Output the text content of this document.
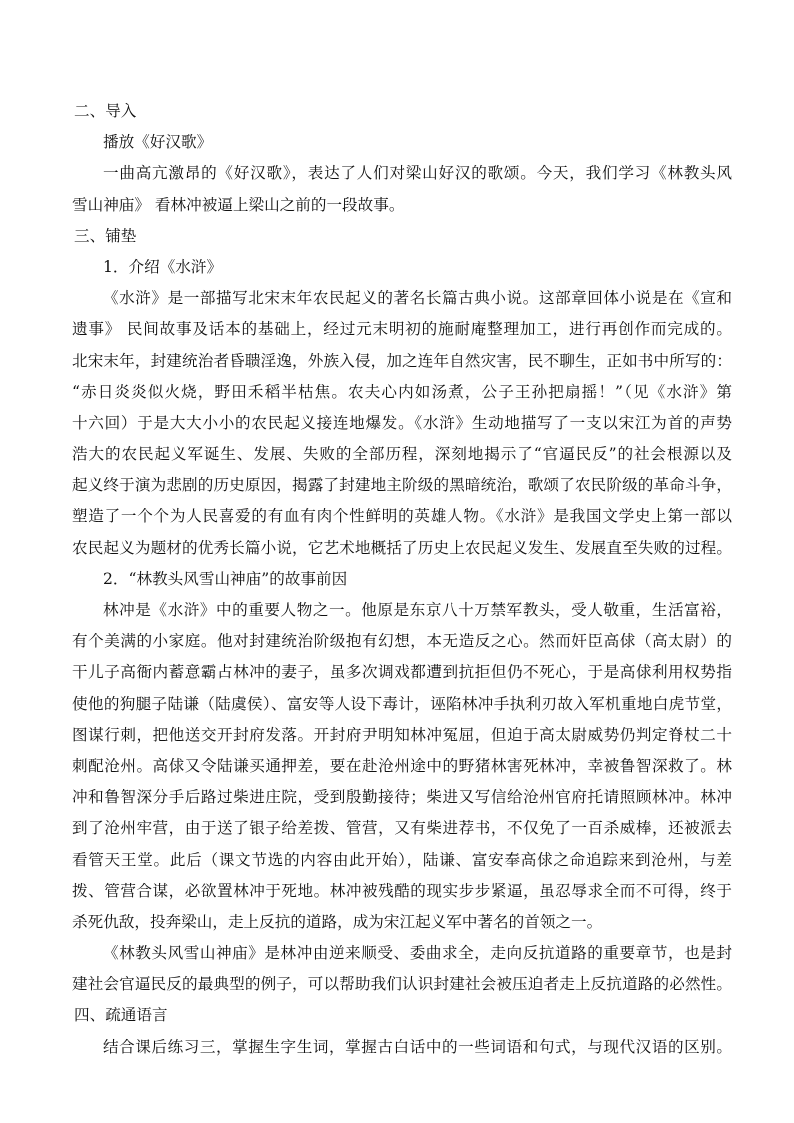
二、导入
播放《好汉歌》
一曲高亢激昂的《好汉歌》，表达了人们对梁山好汉的歌颂。今天，我们学习《林教头风
雪山神庙》 看林冲被逼上梁山之前的一段故事。
三、铺垫
1．介绍《水浒》
《水浒》是一部描写北宋末年农民起义的著名长篇古典小说。这部章回体小说是在《宣和
遗事》 民间故事及话本的基础上，经过元末明初的施耐庵整理加工，进行再创作而完成的。
北宋末年，封建统治者昏聩淫逸，外族入侵，加之连年自然灾害，民不聊生，正如书中所写的：
“赤日炎炎似火烧，野田禾稻半枯焦。农夫心内如汤煮，公子王孙把扇摇！”（见《水浒》第
十六回）于是大大小小的农民起义接连地爆发。《水浒》生动地描写了一支以宋江为首的声势
浩大的农民起义军诞生、发展、失败的全部历程，深刻地揭示了“官逼民反”的社会根源以及
起义终于演为悲剧的历史原因，揭露了封建地主阶级的黑暗统治，歌颂了农民阶级的革命斗争，
塑造了一个个为人民喜爱的有血有肉个性鲜明的英雄人物。《水浒》是我国文学史上第一部以
农民起义为题材的优秀长篇小说，它艺术地概括了历史上农民起义发生、发展直至失败的过程。
2．“林教头风雪山神庙”的故事前因
林冲是《水浒》中的重要人物之一。他原是东京八十万禁军教头，受人敬重，生活富裕，
有个美满的小家庭。他对封建统治阶级抱有幻想，本无造反之心。然而奸臣高俅（高太尉）的
干儿子高衙内蓄意霸占林冲的妻子，虽多次调戏都遭到抗拒但仍不死心，于是高俅利用权势指
使他的狗腿子陆谦（陆虞侯）、富安等人设下毒计，诬陷林冲手执利刃故入军机重地白虎节堂，
图谋行刺，把他送交开封府发落。开封府尹明知林冲冤屈，但迫于高太尉威势仍判定脊杖二十
刺配沧州。高俅又令陆谦买通押差，要在赴沧州途中的野猪林害死林冲，幸被鲁智深救了。林
冲和鲁智深分手后路过柴进庄院，受到殷勤接待；柴进又写信给沧州官府托请照顾林冲。林冲
到了沧州牢营，由于送了银子给差拨、管营，又有柴进荐书，不仅免了一百杀威棒，还被派去
看管天王堂。此后（课文节选的内容由此开始），陆谦、富安奉高俅之命追踪来到沧州，与差
拨、管营合谋，必欲置林冲于死地。林冲被残酷的现实步步紧逼，虽忍辱求全而不可得，终于
杀死仇敌，投奔梁山，走上反抗的道路，成为宋江起义军中著名的首领之一。
《林教头风雪山神庙》是林冲由逆来顺受、委曲求全，走向反抗道路的重要章节，也是封
建社会官逼民反的最典型的例子，可以帮助我们认识封建社会被压迫者走上反抗道路的必然性。
四、疏通语言
结合课后练习三，掌握生字生词，掌握古白话中的一些词语和句式，与现代汉语的区别。
